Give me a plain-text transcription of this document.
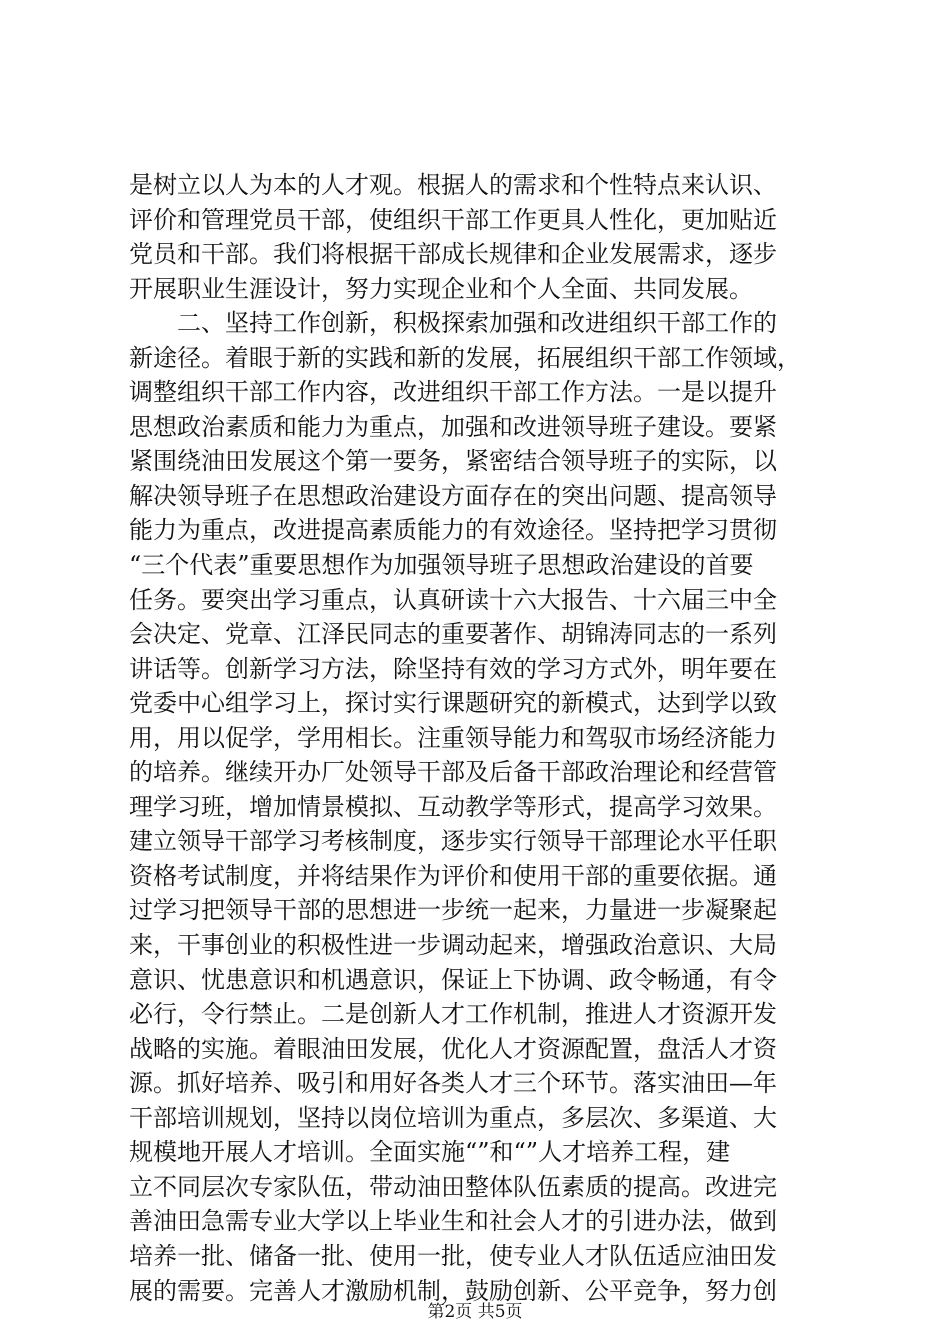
是树立以人为本的人才观。根据人的需求和个性特点来认识、
评价和管理党员干部，使组织干部工作更具人性化，更加贴近
党员和干部。我们将根据干部成长规律和企业发展需求，逐步
开展职业生涯设计，努力实现企业和个人全面、共同发展。
二、坚持工作创新，积极探索加强和改进组织干部工作的
新途径。着眼于新的实践和新的发展，拓展组织干部工作领域，
调整组织干部工作内容，改进组织干部工作方法。一是以提升
思想政治素质和能力为重点，加强和改进领导班子建设。要紧
紧围绕油田发展这个第一要务，紧密结合领导班子的实际，以
解决领导班子在思想政治建设方面存在的突出问题、提高领导
能力为重点，改进提高素质能力的有效途径。坚持把学习贯彻
“三个代表”重要思想作为加强领导班子思想政治建设的首要
任务。要突出学习重点，认真研读十六大报告、十六届三中全
会决定、党章、江泽民同志的重要著作、胡锦涛同志的一系列
讲话等。创新学习方法，除坚持有效的学习方式外，明年要在
党委中心组学习上，探讨实行课题研究的新模式，达到学以致
用，用以促学，学用相长。注重领导能力和驾驭市场经济能力
的培养。继续开办厂处领导干部及后备干部政治理论和经营管
理学习班，增加情景模拟、互动教学等形式，提高学习效果。
建立领导干部学习考核制度，逐步实行领导干部理论水平任职
资格考试制度，并将结果作为评价和使用干部的重要依据。通
过学习把领导干部的思想进一步统一起来，力量进一步凝聚起
来，干事创业的积极性进一步调动起来，增强政治意识、大局
意识、忧患意识和机遇意识，保证上下协调、政令畅通，有令
必行，令行禁止。二是创新人才工作机制，推进人才资源开发
战略的实施。着眼油田发展，优化人才资源配置，盘活人才资
源。抓好培养、吸引和用好各类人才三个环节。落实油田—年
干部培训规划，坚持以岗位培训为重点，多层次、多渠道、大
规模地开展人才培训。全面实施“”和“”人才培养工程，建
立不同层次专家队伍，带动油田整体队伍素质的提高。改进完
善油田急需专业大学以上毕业生和社会人才的引进办法，做到
培养一批、储备一批、使用一批，使专业人才队伍适应油田发
展的需要。完善人才激励机制，鼓励创新、公平竞争，努力创
第2页 共5页
